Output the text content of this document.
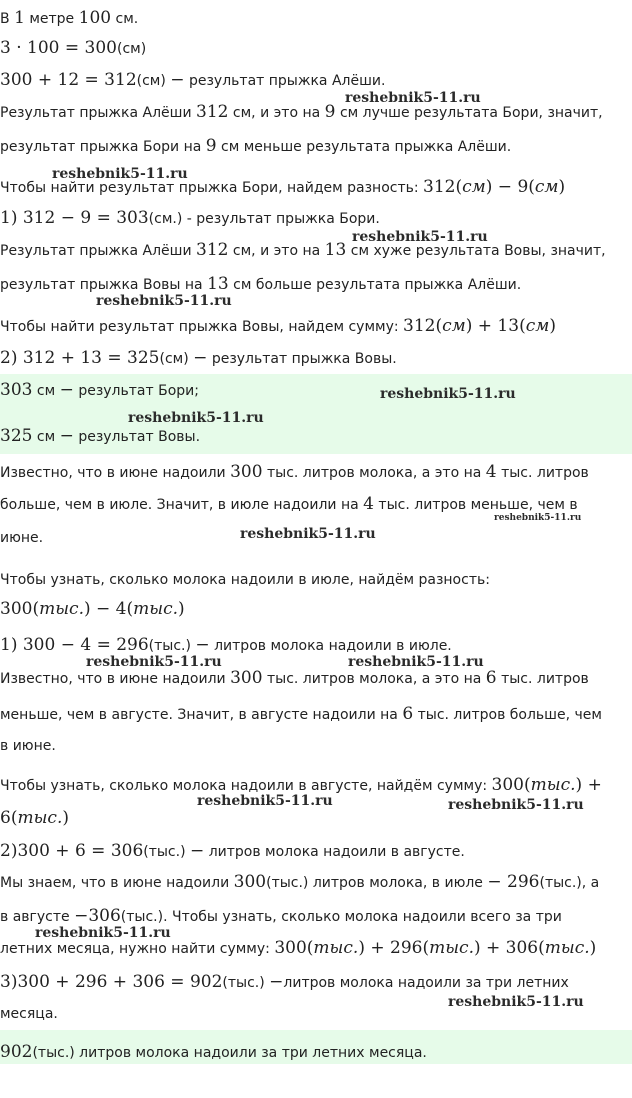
В 1 метре 100 см.
3 · 100 = 300(см)
300 + 12 = 312(см) − результат прыжка Алёши.
Результат прыжка Алёши 312 см, и это на 9 см лучше результата Бори, значит,
результат прыжка Бори на 9 см меньше результата прыжка Алёши.
Чтобы найти результат прыжка Бори, найдем разность: 312(см) − 9(см)
1) 312 − 9 = 303(см.) - результат прыжка Бори.
Результат прыжка Алёши 312 см, и это на 13 см хуже результата Вовы, значит,
результат прыжка Вовы на 13 см больше результата прыжка Алёши.
Чтобы найти результат прыжка Вовы, найдем сумму: 312(см) + 13(см)
2) 312 + 13 = 325(см) − результат прыжка Вовы.
303 см − результат Бори;
325 см − результат Вовы.
Известно, что в июне надоили 300 тыс. литров молока, а это на 4 тыс. литров
больше, чем в июле. Значит, в июле надоили на 4 тыс. литров меньше, чем в
июне.
Чтобы узнать, сколько молока надоили в июле, найдём разность:
300(тыс.) − 4(тыс.)
1) 300 − 4 = 296(тыс.) − литров молока надоили в июле.
Известно, что в июне надоили 300 тыс. литров молока, а это на 6 тыс. литров
меньше, чем в августе. Значит, в августе надоили на 6 тыс. литров больше, чем
в июне.
Чтобы узнать, сколько молока надоили в августе, найдём сумму: 300(тыс.) +
6(тыс.)
2)300 + 6 = 306(тыс.) − литров молока надоили в августе.
Мы знаем, что в июне надоили 300(тыс.) литров молока, в июле − 296(тыс.), а
в августе −306(тыс.). Чтобы узнать, сколько молока надоили всего за три
летних месяца, нужно найти сумму: 300(тыс.) + 296(тыс.) + 306(тыс.)
3)300 + 296 + 306 = 902(тыс.) −литров молока надоили за три летних
месяца.
902(тыс.) литров молока надоили за три летних месяца.
reshebnik5-11.ru
reshebnik5-11.ru
reshebnik5-11.ru
reshebnik5-11.ru
reshebnik5-11.ru
reshebnik5-11.ru
reshebnik5-11.ru
reshebnik5-11.ru
reshebnik5-11.ru	reshebnik5-11.ru
reshebnik5-11.ru	reshebnik5-11.ru
reshebnik5-11.ru
reshebnik5-11.ru
